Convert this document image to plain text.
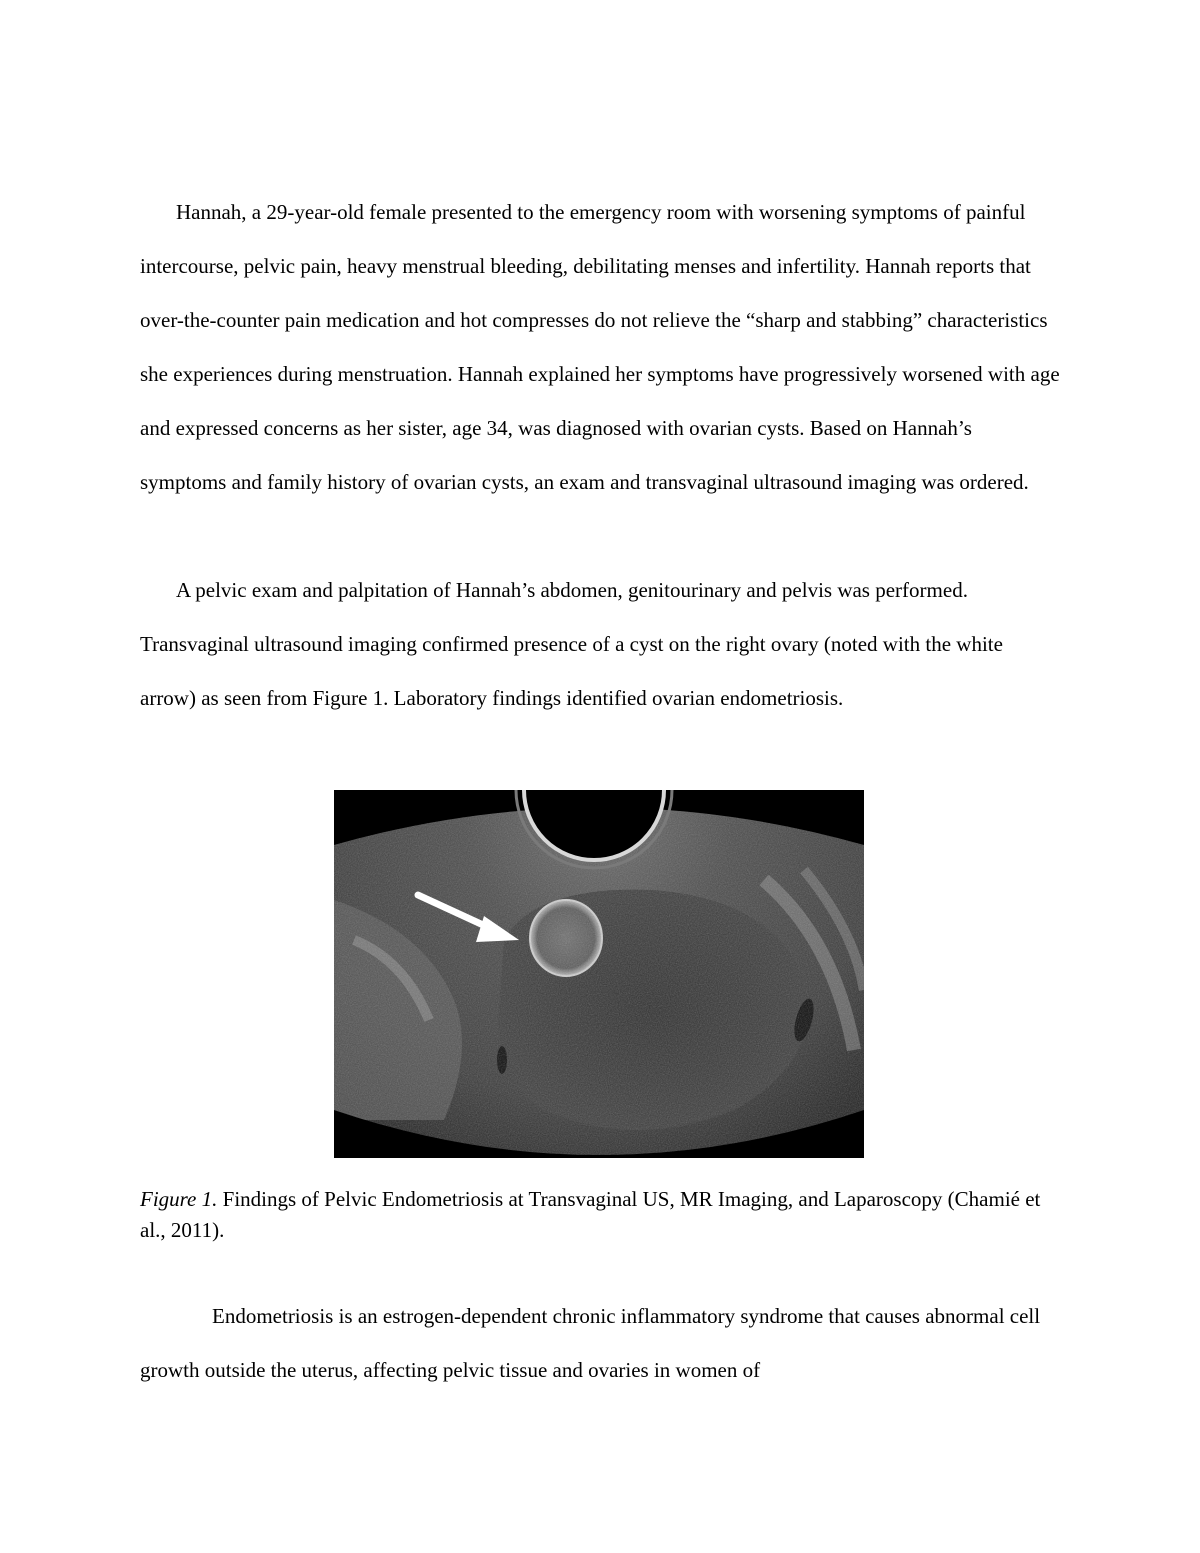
Hannah, a 29-year-old female presented to the emergency room with worsening symptoms of painful intercourse, pelvic pain, heavy menstrual bleeding, debilitating menses and infertility. Hannah reports that over-the-counter pain medication and hot compresses do not relieve the “sharp and stabbing” characteristics she experiences during menstruation. Hannah explained her symptoms have progressively worsened with age and expressed concerns as her sister, age 34, was diagnosed with ovarian cysts. Based on Hannah’s symptoms and family history of ovarian cysts, an exam and transvaginal ultrasound imaging was ordered.

A pelvic exam and palpitation of Hannah’s abdomen, genitourinary and pelvis was performed. Transvaginal ultrasound imaging confirmed presence of a cyst on the right ovary (noted with the white arrow) as seen from Figure 1. Laboratory findings identified ovarian endometriosis.

Figure 1. Findings of Pelvic Endometriosis at Transvaginal US, MR Imaging, and Laparoscopy (Chamié et al., 2011).

Endometriosis is an estrogen-dependent chronic inflammatory syndrome that causes abnormal cell growth outside the uterus, affecting pelvic tissue and ovaries in women of
